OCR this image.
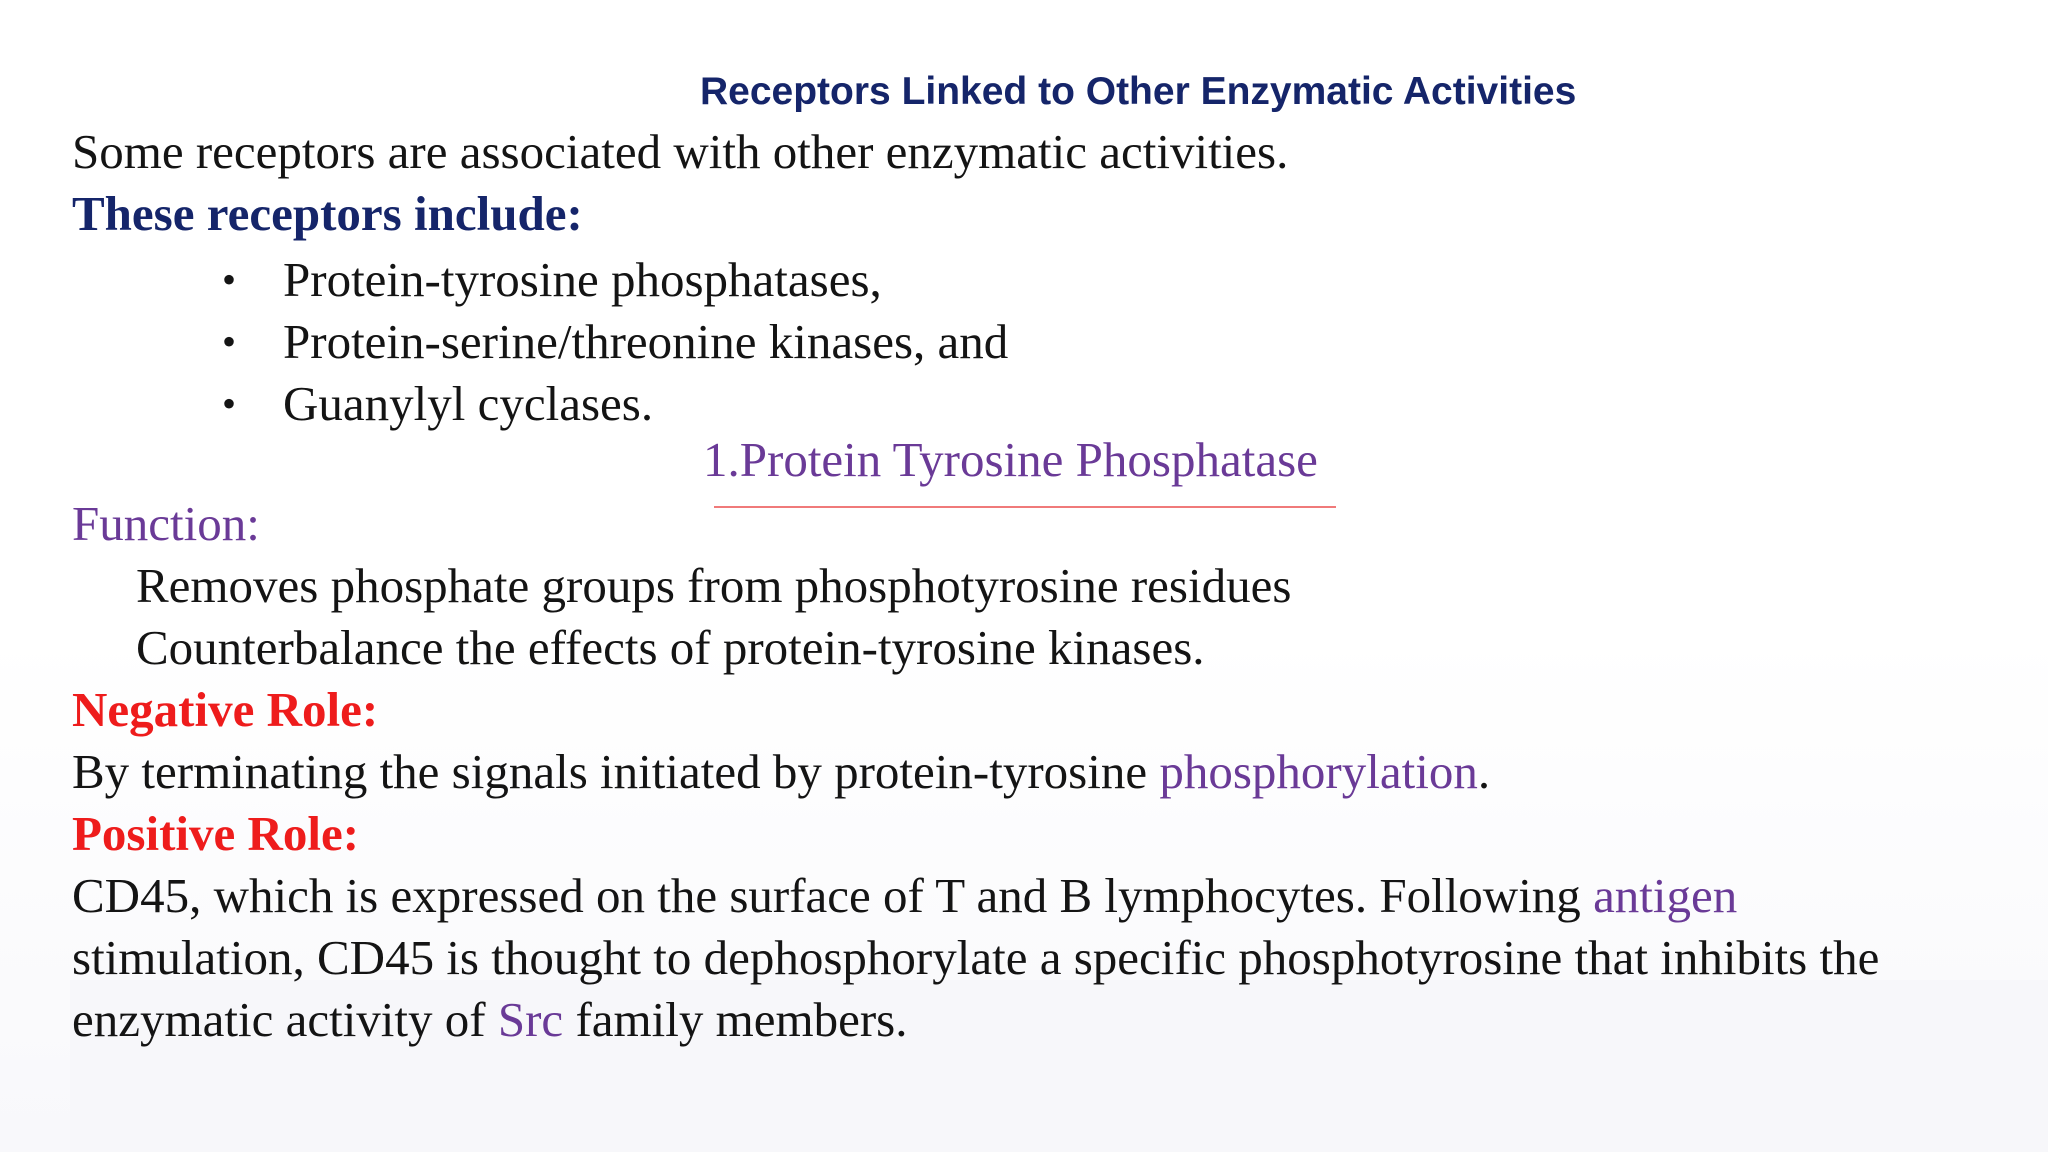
Receptors Linked to Other Enzymatic Activities
Some receptors are associated with other enzymatic activities.
These receptors include:
• Protein-tyrosine phosphatases,
• Protein-serine/threonine kinases, and
• Guanylyl cyclases.
1.Protein Tyrosine Phosphatase
Function:
Removes phosphate groups from phosphotyrosine residues
Counterbalance the effects of protein-tyrosine kinases.
Negative Role:
By terminating the signals initiated by protein-tyrosine phosphorylation.
Positive Role:
CD45, which is expressed on the surface of T and B lymphocytes. Following antigen
stimulation, CD45 is thought to dephosphorylate a specific phosphotyrosine that inhibits the
enzymatic activity of Src family members.
